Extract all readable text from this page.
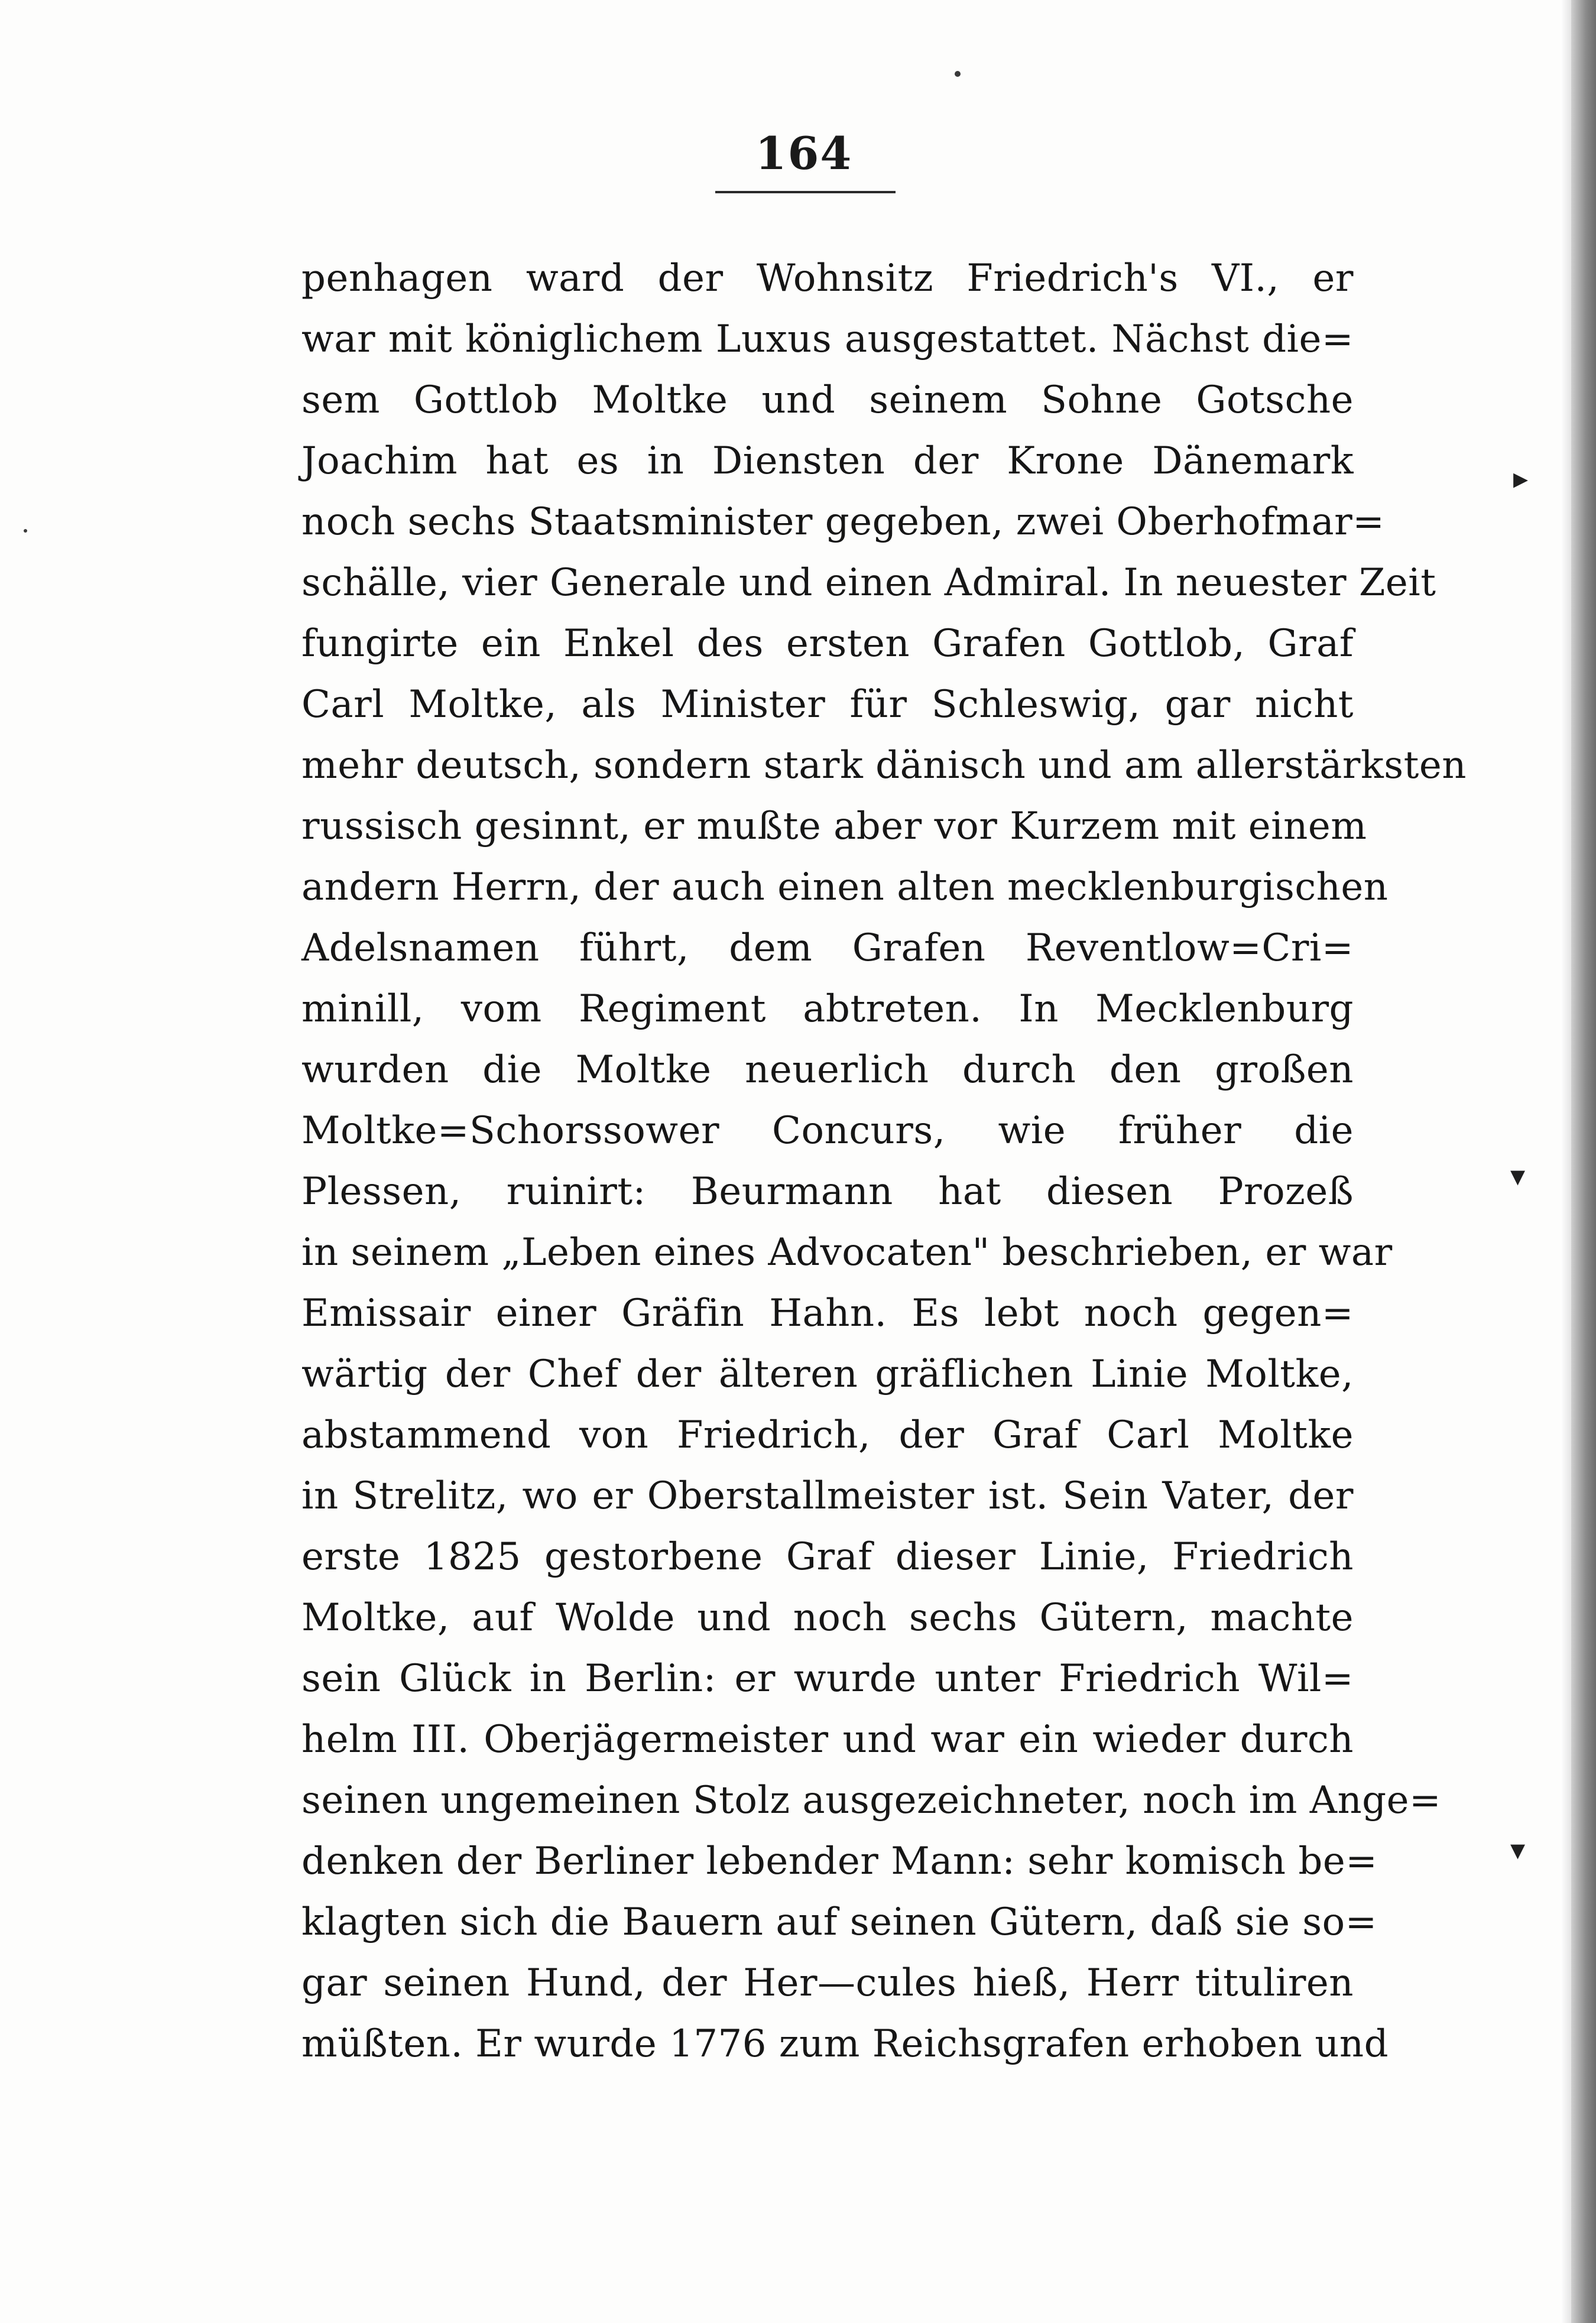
164
penhagen ward der Wohnsitz Friedrich's VI., er
war mit königlichem Luxus ausgestattet. Nächst die=
sem Gottlob Moltke und seinem Sohne Gotsche
Joachim hat es in Diensten der Krone Dänemark
noch sechs Staatsminister gegeben, zwei Oberhofmar=
schälle, vier Generale und einen Admiral. In neuester Zeit
fungirte ein Enkel des ersten Grafen Gottlob, Graf
Carl Moltke, als Minister für Schleswig, gar nicht
mehr deutsch, sondern stark dänisch und am allerstärksten
russisch gesinnt, er mußte aber vor Kurzem mit einem
andern Herrn, der auch einen alten mecklenburgischen
Adelsnamen führt, dem Grafen Reventlow=Cri=
minill, vom Regiment abtreten. In Mecklenburg
wurden die Moltke neuerlich durch den großen
Moltke=Schorssower Concurs, wie früher die
Plessen, ruinirt: Beurmann hat diesen Prozeß
in seinem „Leben eines Advocaten" beschrieben, er war
Emissair einer Gräfin Hahn. Es lebt noch gegen=
wärtig der Chef der älteren gräflichen Linie Moltke,
abstammend von Friedrich, der Graf Carl Moltke
in Strelitz, wo er Oberstallmeister ist. Sein Vater, der
erste 1825 gestorbene Graf dieser Linie, Friedrich
Moltke, auf Wolde und noch sechs Gütern, machte
sein Glück in Berlin: er wurde unter Friedrich Wil=
helm III. Oberjägermeister und war ein wieder durch
seinen ungemeinen Stolz ausgezeichneter, noch im Ange=
denken der Berliner lebender Mann: sehr komisch be=
klagten sich die Bauern auf seinen Gütern, daß sie so=
gar seinen Hund, der Her—cules hieß, Herr tituliren
müßten. Er wurde 1776 zum Reichsgrafen erhoben und
▸
▾
▾
